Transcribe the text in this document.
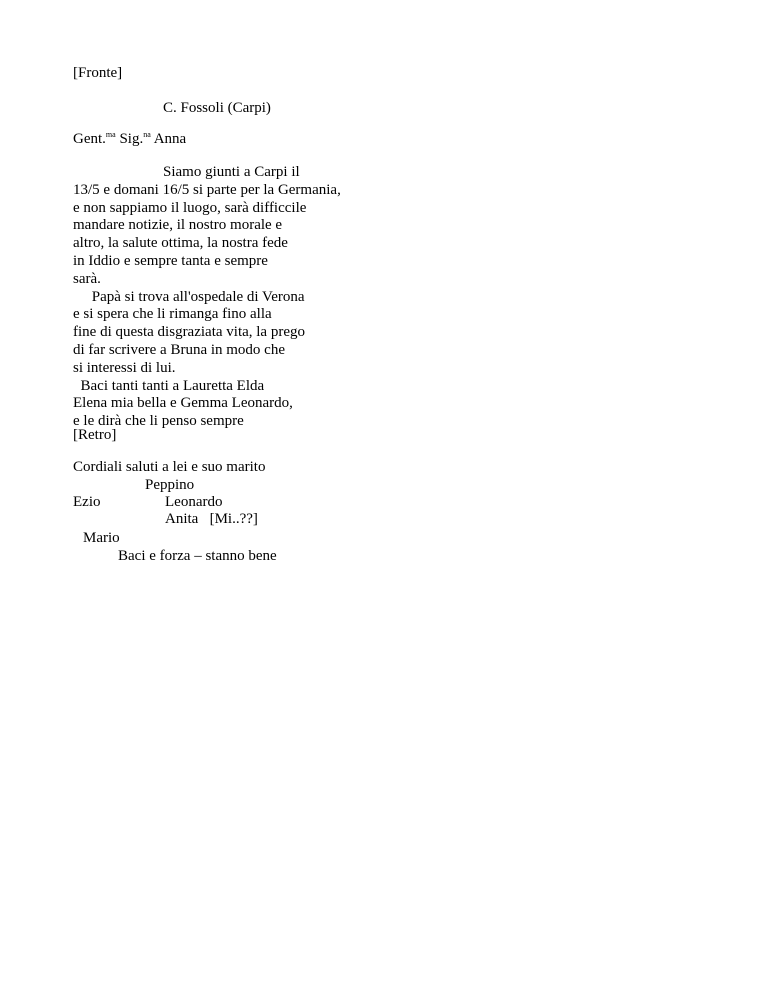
[Fronte]
C. Fossoli (Carpi)
Gent.$^{ma}$ Sig.$^{na}$ Anna
Siamo giunti a Carpi il
13/5 e domani 16/5 si parte per la Germania,
e non sappiamo il luogo, sarà difficcile
mandare notizie, il nostro morale e
altro, la salute ottima, la nostra fede
in Iddio e sempre tanta e sempre
sarà.
Papà si trova all'ospedale di Verona
e si spera che li rimanga fino alla
fine di questa disgraziata vita, la prego
di far scrivere a Bruna in modo che
si interessi di lui.
Baci tanti tanti a Lauretta Elda
Elena mia bella e Gemma Leonardo,
e le dirà che li penso sempre
[Retro]
Cordiali saluti a lei e suo marito
Peppino
Ezio	Leonardo
Anita   [Mi..??]
Mario
Baci e forza – stanno bene
